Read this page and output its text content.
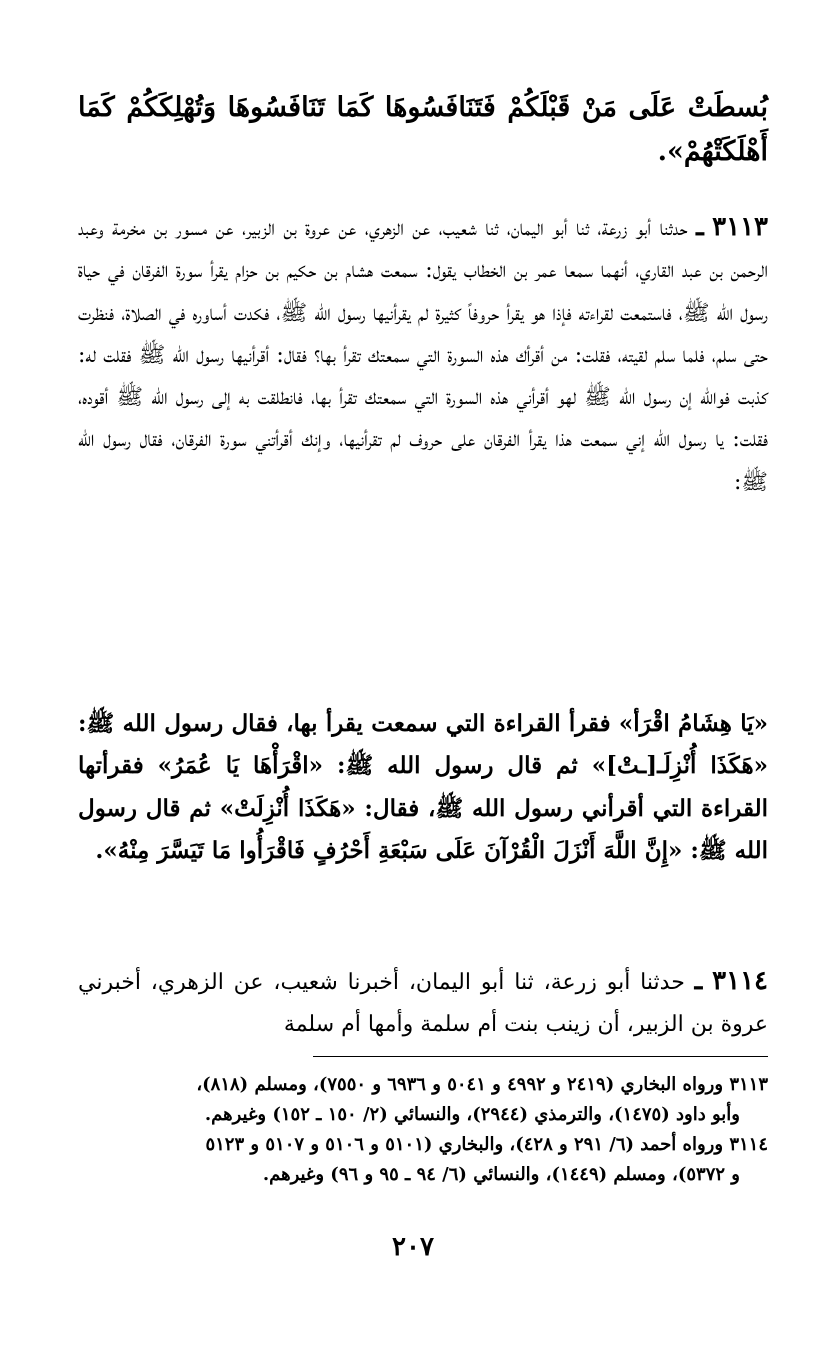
بُسطَتْ عَلَى مَنْ قَبْلَكُمْ فَتَنَافَسُوهَا كَمَا تَنَافَسُوهَا وَتُهْلِكَكُمْ كَمَا أَهْلَكَتْهُمْ».
٣١١٣ ـ حدثنا أبو زرعة، ثنا أبو اليمان، ثنا شعيب، عن الزهري، عن عروة بن الزبير، عن مسور بن مخرمة وعبد الرحمن بن عبد القاري، أنهما سمعا عمر بن الخطاب يقول: سمعت هشام بن حكيم بن حزام يقرأ سورة الفرقان في حياة رسول الله ﷺ، فاستمعت لقراءته فإذا هو يقرأ حروفاً كثيرة لم يقرأنيها رسول الله ﷺ، فكدت أساوره في الصلاة، فنظرت حتى سلم، فلما سلم لقيته، فقلت: من أقرأك هذه السورة التي سمعتك تقرأ بها؟ فقال: أقرأنيها رسول الله ﷺ فقلت له: كذبت فوالله إن رسول الله ﷺ لهو أقرأني هذه السورة التي سمعتك تقرأ بها، فانطلقت به إلى رسول الله ﷺ أقوده، فقلت: يا رسول الله إني سمعت هذا يقرأ الفرقان على حروف لم تقرأنيها، وإنك أقرأتني سورة الفرقان، فقال رسول الله ﷺ:
«يَا هِشَامُ اقْرَأ» فقرأ القراءة التي سمعت يقرأ بها، فقال رسول الله ﷺ: «هَكَذَا أُنْزِلَـ[ـتْ]» ثم قال رسول الله ﷺ: «اقْرَأْهَا يَا عُمَرُ» فقرأتها القراءة التي أقرأني رسول الله ﷺ، فقال: «هَكَذَا أُنْزِلَتْ» ثم قال رسول الله ﷺ: «إِنَّ اللَّهَ أَنْزَلَ الْقُرْآنَ عَلَى سَبْعَةِ أَحْرُفٍ فَاقْرَأُوا مَا تَيَسَّرَ مِنْهُ».
٣١١٤ ـ حدثنا أبو زرعة، ثنا أبو اليمان، أخبرنا شعيب، عن الزهري، أخبرني عروة بن الزبير، أن زينب بنت أم سلمة وأمها أم سلمة
٣١١٣ ورواه البخاري (٢٤١٩ و ٤٩٩٢ و ٥٠٤١ و ٦٩٣٦ و ٧٥٥٠)، ومسلم (٨١٨)،
وأبو داود (١٤٧٥)، والترمذي (٢٩٤٤)، والنسائي (٢/ ١٥٠ ـ ١٥٢) وغيرهم.
٣١١٤ ورواه أحمد (٦/ ٢٩١ و ٤٢٨)، والبخاري (٥١٠١ و ٥١٠٦ و ٥١٠٧ و ٥١٢٣
و ٥٣٧٢)، ومسلم (١٤٤٩)، والنسائي (٦/ ٩٤ ـ ٩٥ و ٩٦) وغيرهم.
٢٠٧
